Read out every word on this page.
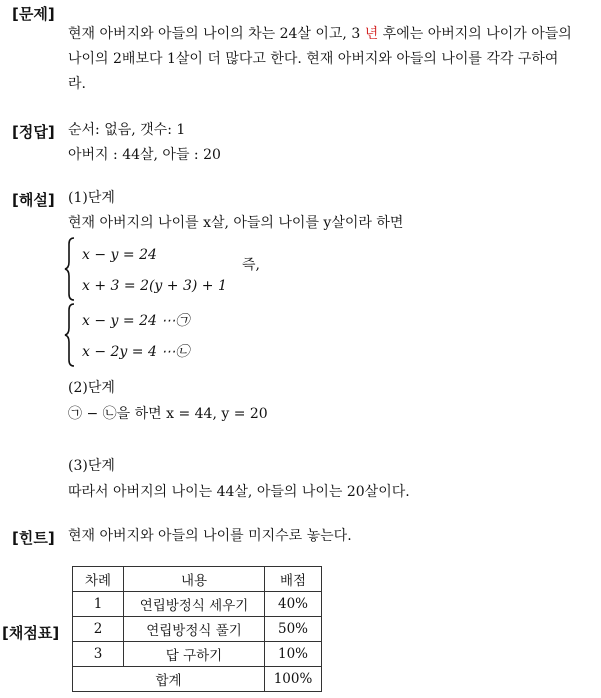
[문제]
[정답]
[해설]
[힌트]
[채점표]
현재 아버지와 아들의 나이의 차는 24살 이고, 3 년 후에는 아버지의 나이가 아들의
나이의 2배보다 1살이 더 많다고 한다. 현재 아버지와 아들의 나이를 각각 구하여
라.
순서: 없음, 갯수: 1
아버지 : 44살, 아들 : 20
(1)단계
현재 아버지의 나이를 x살, 아들의 나이를 y살이라 하면
x − y = 24
x + 3 = 2(y + 3) + 1
즉,
x − y = 24 ⋯㉠
x − 2y = 4 ⋯㉡
(2)단계
㉠ − ㉡을 하면 x = 44, y = 20
(3)단계
따라서 아버지의 나이는 44살, 아들의 나이는 20살이다.
현재 아버지와 아들의 나이를 미지수로 놓는다.
차례	내용	배점
1	연립방정식 세우기	40%
2	연립방정식 풀기	50%
3	답 구하기	10%
합계		100%
